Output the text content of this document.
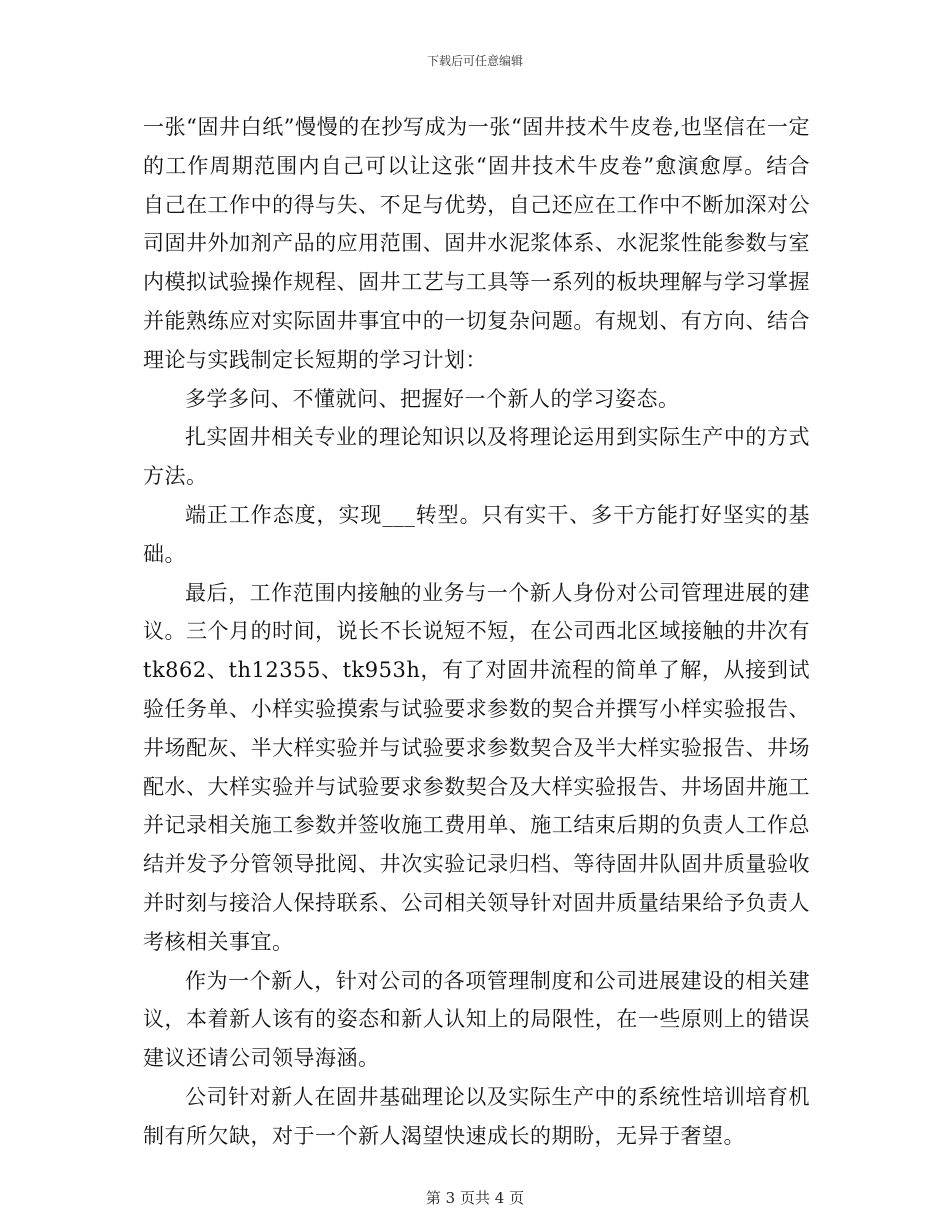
下载后可任意编辑

一张“固井白纸”慢慢的在抄写成为一张“固井技术牛皮卷,也坚信在一定的工作周期范围内自己可以让这张“固井技术牛皮卷”愈演愈厚。结合自己在工作中的得与失、不足与优势，自己还应在工作中不断加深对公司固井外加剂产品的应用范围、固井水泥浆体系、水泥浆性能参数与室内模拟试验操作规程、固井工艺与工具等一系列的板块理解与学习掌握并能熟练应对实际固井事宜中的一切复杂问题。有规划、有方向、结合理论与实践制定长短期的学习计划：

多学多问、不懂就问、把握好一个新人的学习姿态。

扎实固井相关专业的理论知识以及将理论运用到实际生产中的方式方法。

端正工作态度，实现___转型。只有实干、多干方能打好坚实的基础。

最后，工作范围内接触的业务与一个新人身份对公司管理进展的建议。三个月的时间，说长不长说短不短，在公司西北区域接触的井次有tk862、th12355、tk953h，有了对固井流程的简单了解，从接到试验任务单、小样实验摸索与试验要求参数的契合并撰写小样实验报告、井场配灰、半大样实验并与试验要求参数契合及半大样实验报告、井场配水、大样实验并与试验要求参数契合及大样实验报告、井场固井施工并记录相关施工参数并签收施工费用单、施工结束后期的负责人工作总结并发予分管领导批阅、井次实验记录归档、等待固井队固井质量验收并时刻与接洽人保持联系、公司相关领导针对固井质量结果给予负责人考核相关事宜。

作为一个新人，针对公司的各项管理制度和公司进展建设的相关建议，本着新人该有的姿态和新人认知上的局限性，在一些原则上的错误建议还请公司领导海涵。

公司针对新人在固井基础理论以及实际生产中的系统性培训培育机制有所欠缺，对于一个新人渴望快速成长的期盼，无异于奢望。

第 3 页共 4 页
